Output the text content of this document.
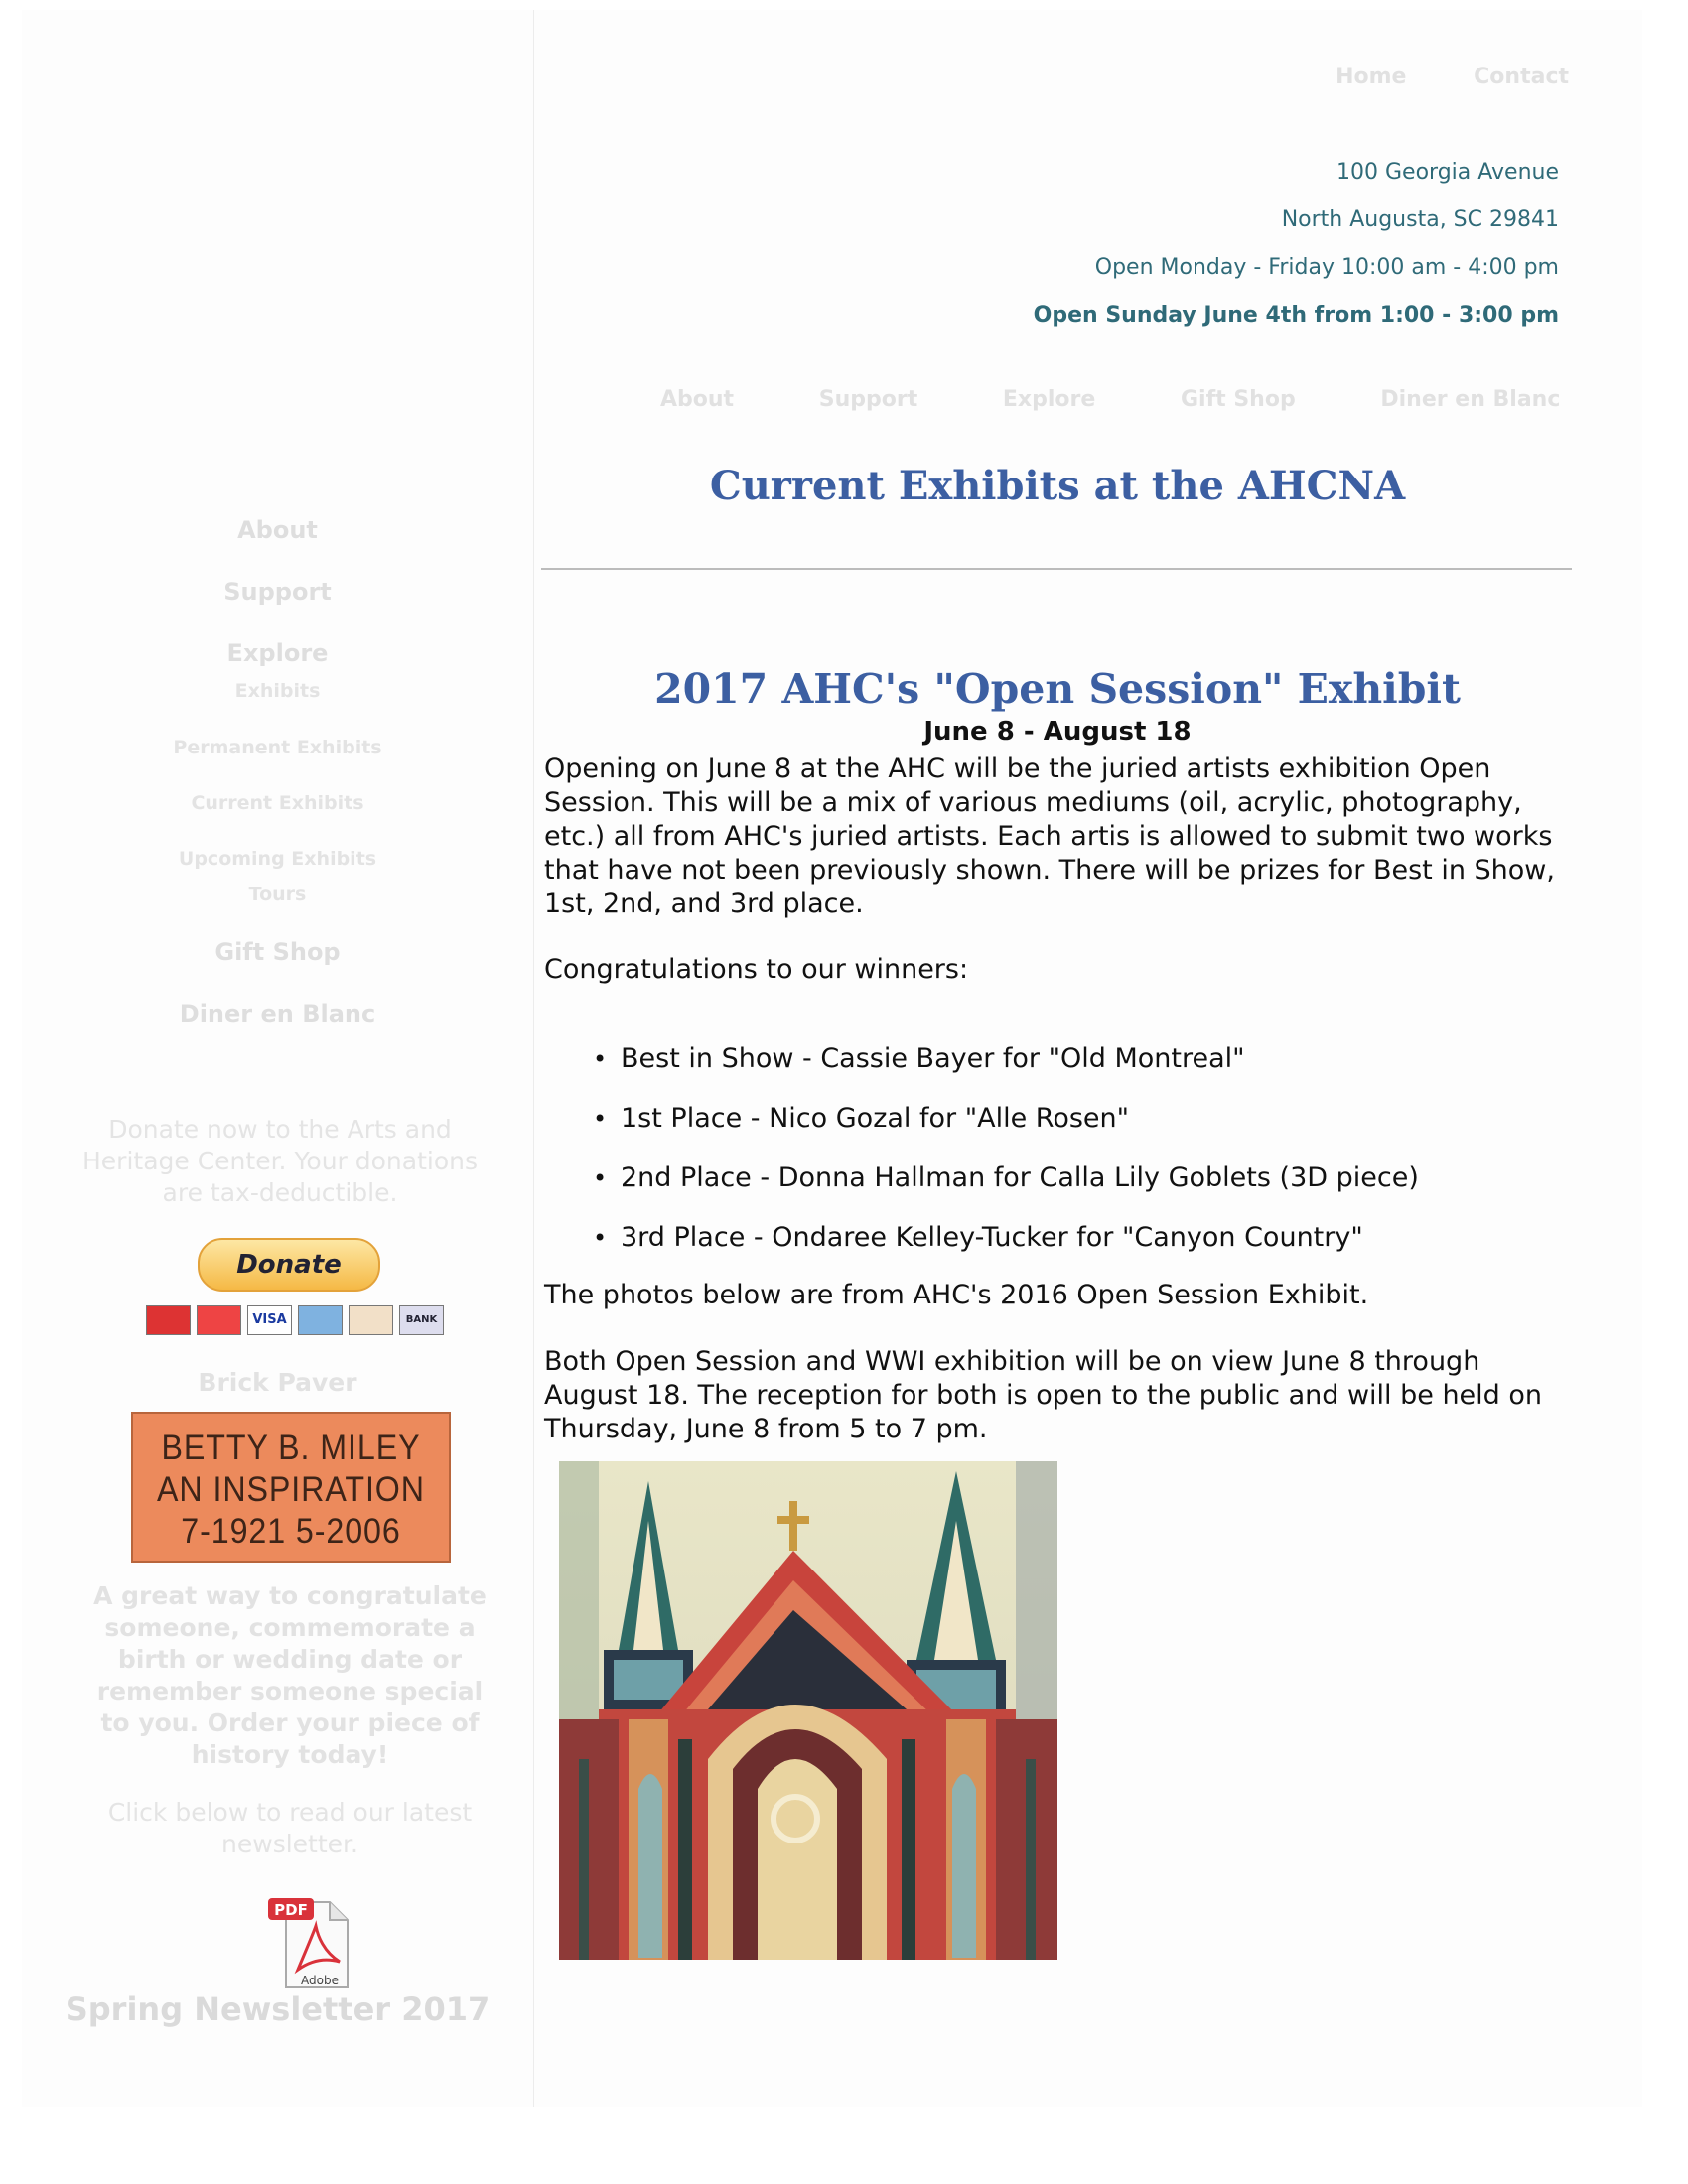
About
Support
Explore
Exhibits
Permanent Exhibits
Current Exhibits
Upcoming Exhibits
Tours
Gift Shop
Diner en Blanc
Donate now to the Arts and Heritage Center. Your donations are tax-deductible.
Donate
VISA	BANK
Brick Paver
BETTY B. MILEY
AN INSPIRATION
7-1921 5-2006
A great way to congratulate someone, commemorate a birth or wedding date or remember someone special to you. Order your piece of history today!
Click below to read our latest newsletter.
PDF
Adobe
Spring Newsletter 2017
Home	Contact
100 Georgia Avenue
North Augusta, SC 29841
Open Monday - Friday 10:00 am - 4:00 pm
Open Sunday June 4th from 1:00 - 3:00 pm
About	Support	Explore	Gift Shop	Diner en Blanc
Current Exhibits at the AHCNA
2017 AHC's "Open Session" Exhibit
June 8 - August 18

Opening on June 8 at the AHC will be the juried artists exhibition Open Session. This will be a mix of various mediums (oil, acrylic, photography, etc.) all from AHC's juried artists. Each artis is allowed to submit two works that have not been previously shown. There will be prizes for Best in Show, 1st, 2nd, and 3rd place.

Congratulations to our winners:

• Best in Show - Cassie Bayer for "Old Montreal"
• 1st Place - Nico Gozal for "Alle Rosen"
• 2nd Place - Donna Hallman for Calla Lily Goblets (3D piece)
• 3rd Place - Ondaree Kelley-Tucker for "Canyon Country"

The photos below are from AHC's 2016 Open Session Exhibit.

Both Open Session and WWI exhibition will be on view June 8 through August 18. The reception for both is open to the public and will be held on Thursday, June 8 from 5 to 7 pm.
